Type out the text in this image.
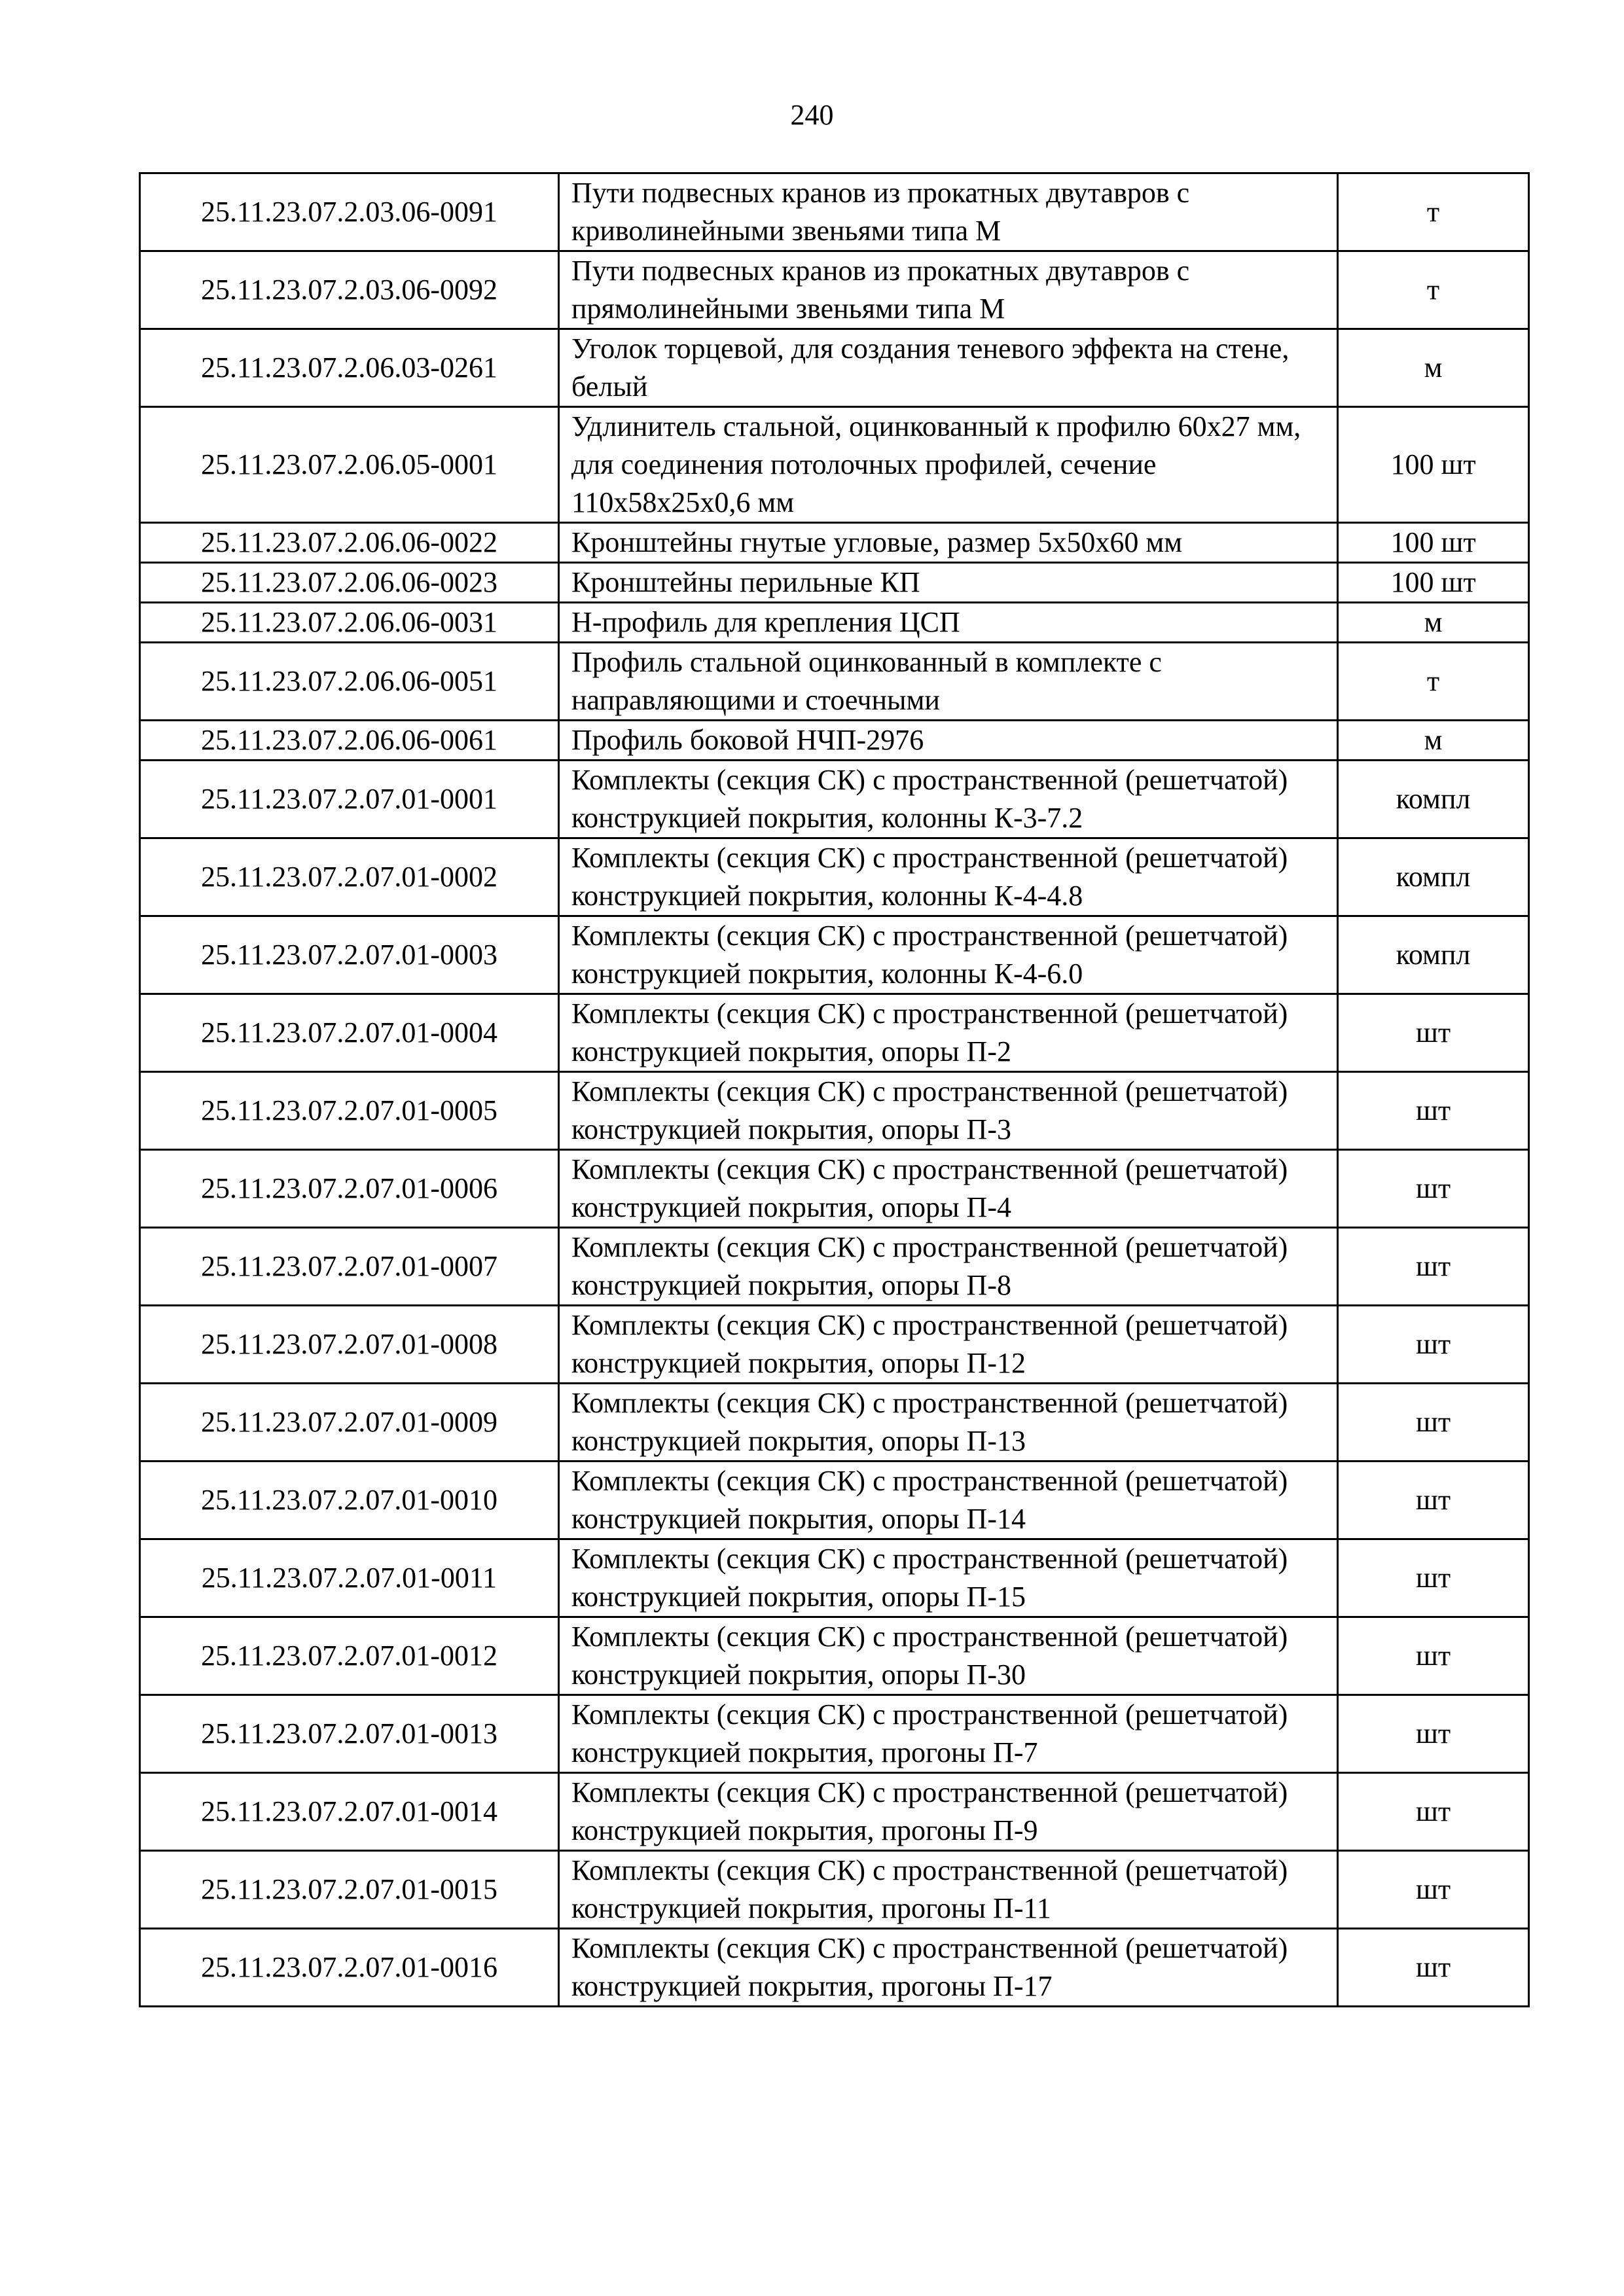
240
25.11.23.07.2.03.06-0091	Пути подвесных кранов из прокатных двутавров с криволинейными звеньями типа М	т
25.11.23.07.2.03.06-0092	Пути подвесных кранов из прокатных двутавров с прямолинейными звеньями типа М	т
25.11.23.07.2.06.03-0261	Уголок торцевой, для создания теневого эффекта на стене, белый	м
25.11.23.07.2.06.05-0001	Удлинитель стальной, оцинкованный к профилю 60x27 мм, для соединения потолочных профилей, сечение 110x58x25x0,6 мм	100 шт
25.11.23.07.2.06.06-0022	Кронштейны гнутые угловые, размер 5x50x60 мм	100 шт
25.11.23.07.2.06.06-0023	Кронштейны перильные КП	100 шт
25.11.23.07.2.06.06-0031	Н-профиль для крепления ЦСП	м
25.11.23.07.2.06.06-0051	Профиль стальной оцинкованный в комплекте с направляющими и стоечными	т
25.11.23.07.2.06.06-0061	Профиль боковой НЧП-2976	м
25.11.23.07.2.07.01-0001	Комплекты (секция СК) с пространственной (решетчатой) конструкцией покрытия, колонны К-3-7.2	компл
25.11.23.07.2.07.01-0002	Комплекты (секция СК) с пространственной (решетчатой) конструкцией покрытия, колонны К-4-4.8	компл
25.11.23.07.2.07.01-0003	Комплекты (секция СК) с пространственной (решетчатой) конструкцией покрытия, колонны К-4-6.0	компл
25.11.23.07.2.07.01-0004	Комплекты (секция СК) с пространственной (решетчатой) конструкцией покрытия, опоры П-2	шт
25.11.23.07.2.07.01-0005	Комплекты (секция СК) с пространственной (решетчатой) конструкцией покрытия, опоры П-3	шт
25.11.23.07.2.07.01-0006	Комплекты (секция СК) с пространственной (решетчатой) конструкцией покрытия, опоры П-4	шт
25.11.23.07.2.07.01-0007	Комплекты (секция СК) с пространственной (решетчатой) конструкцией покрытия, опоры П-8	шт
25.11.23.07.2.07.01-0008	Комплекты (секция СК) с пространственной (решетчатой) конструкцией покрытия, опоры П-12	шт
25.11.23.07.2.07.01-0009	Комплекты (секция СК) с пространственной (решетчатой) конструкцией покрытия, опоры П-13	шт
25.11.23.07.2.07.01-0010	Комплекты (секция СК) с пространственной (решетчатой) конструкцией покрытия, опоры П-14	шт
25.11.23.07.2.07.01-0011	Комплекты (секция СК) с пространственной (решетчатой) конструкцией покрытия, опоры П-15	шт
25.11.23.07.2.07.01-0012	Комплекты (секция СК) с пространственной (решетчатой) конструкцией покрытия, опоры П-30	шт
25.11.23.07.2.07.01-0013	Комплекты (секция СК) с пространственной (решетчатой) конструкцией покрытия, прогоны П-7	шт
25.11.23.07.2.07.01-0014	Комплекты (секция СК) с пространственной (решетчатой) конструкцией покрытия, прогоны П-9	шт
25.11.23.07.2.07.01-0015	Комплекты (секция СК) с пространственной (решетчатой) конструкцией покрытия, прогоны П-11	шт
25.11.23.07.2.07.01-0016	Комплекты (секция СК) с пространственной (решетчатой) конструкцией покрытия, прогоны П-17	шт
